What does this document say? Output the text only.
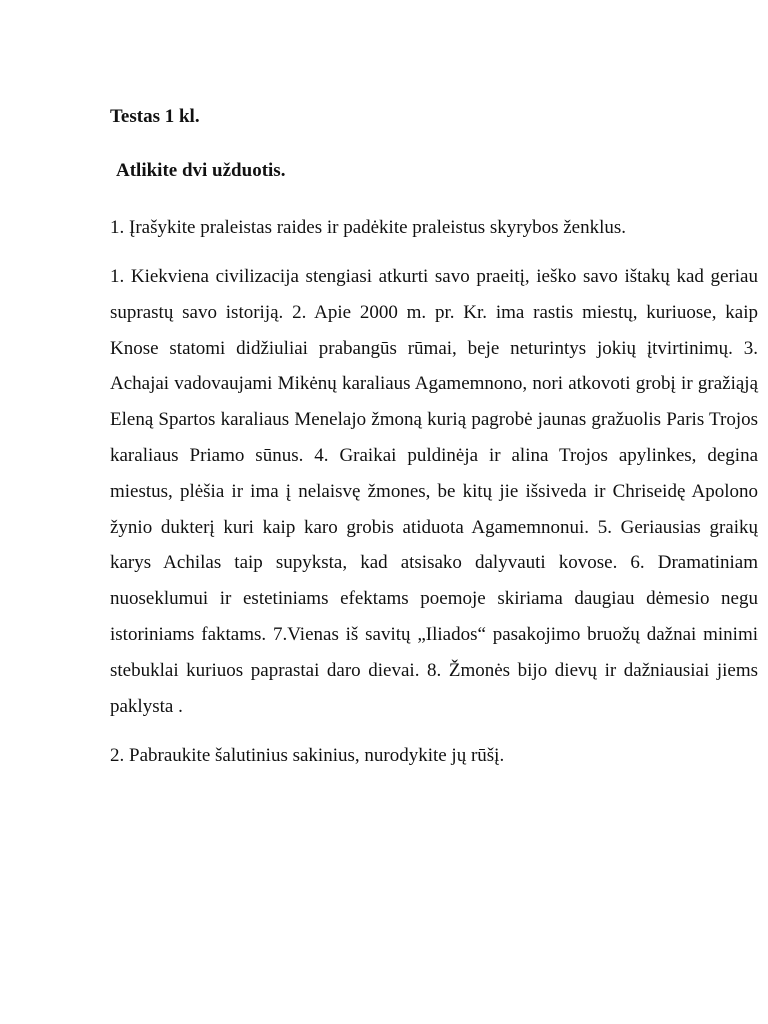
Testas 1 kl.

Atlikite dvi užduotis.

1. Įrašykite praleistas raides ir padėkite praleistus skyrybos ženklus.

1. Kiekviena civilizacija stengiasi atkurti savo praeitį, ieško savo ištakų kad geriau suprastų savo istoriją. 2. Apie 2000 m. pr. Kr. ima rastis miestų, kuriuose, kaip Knose statomi didžiuliai prabangūs rūmai, beje neturintys jokių įtvirtinimų. 3. Achajai vadovaujami Mikėnų karaliaus Agamemnono, nori atkovoti grobį ir gražiąją Eleną Spartos karaliaus Menelajo žmoną kurią pagrobė jaunas gražuolis Paris Trojos karaliaus Priamo sūnus. 4. Graikai puldinėja ir alina Trojos apylinkes, degina miestus, plėšia ir ima į nelaisvę žmones, be kitų jie išsiveda ir Chriseidę Apolono žynio dukterį kuri kaip karo grobis atiduota Agamemnonui. 5. Geriausias graikų karys Achilas taip supyksta, kad atsisako dalyvauti kovose. 6. Dramatiniam nuoseklumui ir estetiniams efektams poemoje skiriama daugiau dėmesio negu istoriniams faktams. 7.Vienas iš savitų „Iliados“ pasakojimo bruožų dažnai minimi stebuklai kuriuos paprastai daro dievai. 8. Žmonės bijo dievų ir dažniausiai jiems paklysta .

2. Pabraukite šalutinius sakinius, nurodykite jų rūšį.
